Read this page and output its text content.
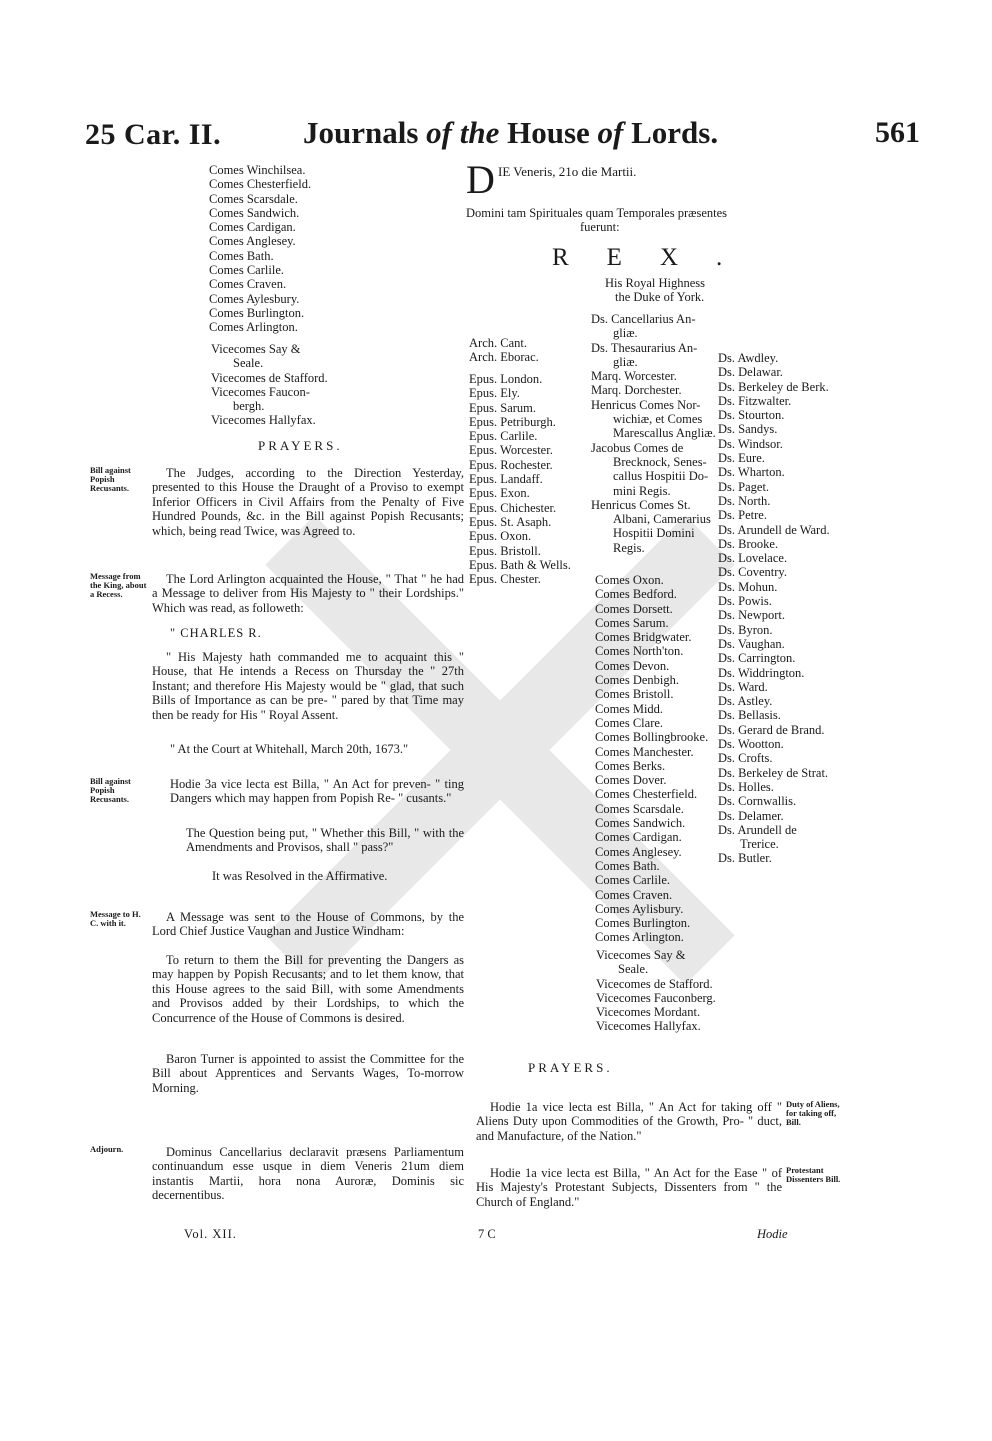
25 Car. II.	Journals of the House of Lords.	561
Comes Winchilsea.
Comes Chesterfield.
Comes Scarsdale.
Comes Sandwich.
Comes Cardigan.
Comes Anglesey.
Comes Bath.
Comes Carlile.
Comes Craven.
Comes Aylesbury.
Comes Burlington.
Comes Arlington.
Vicecomes Say &
Seale.
Vicecomes de Stafford.
Vicecomes Faucon-
bergh.
Vicecomes Hallyfax.
PRAYERS.
Bill against Popish Recusants.
Message from the King, about a Recess.
Bill against Popish Recusants.
Message to H. C. with it.
Adjourn.
The Judges, according to the Direction Yesterday, presented to this House the Draught of a Proviso to exempt Inferior Officers in Civil Affairs from the Penalty of Five Hundred Pounds, &c. in the Bill against Popish Recusants; which, being read Twice, was Agreed to.
The Lord Arlington acquainted the House, " That " he had a Message to deliver from His Majesty to " their Lordships." Which was read, as followeth:
" CHARLES R.
" His Majesty hath commanded me to acquaint this " House, that He intends a Recess on Thursday the " 27th Instant; and therefore His Majesty would be " glad, that such Bills of Importance as can be pre- " pared by that Time may then be ready for His " Royal Assent.
" At the Court at Whitehall, March 20th, 1673."
Hodie 3a vice lecta est Billa, " An Act for preven- " ting Dangers which may happen from Popish Re- " cusants."
The Question being put, " Whether this Bill, " with the Amendments and Provisos, shall " pass?"
It was Resolved in the Affirmative.
A Message was sent to the House of Commons, by the Lord Chief Justice Vaughan and Justice Windham:
To return to them the Bill for preventing the Dangers as may happen by Popish Recusants; and to let them know, that this House agrees to the said Bill, with some Amendments and Provisos added by their Lordships, to which the Concurrence of the House of Commons is desired.
Baron Turner is appointed to assist the Committee for the Bill about Apprentices and Servants Wages, To-morrow Morning.
Dominus Cancellarius declaravit præsens Parliamentum continuandum esse usque in diem Veneris 21um diem instantis Martii, hora nona Auroræ, Dominis sic decernentibus.
Vol. XII.	7 C	Hodie
D IE Veneris, 21o die Martii.
Domini tam Spirituales quam Temporales præsentes
fuerunt:
REX.
His Royal Highness
the Duke of York.
Ds. Cancellarius An-
gliæ.
Ds. Thesaurarius An-
gliæ.
Marq. Worcester.
Marq. Dorchester.
Henricus Comes Nor-
wichiæ, et Comes
Marescallus Angliæ.
Jacobus Comes de
Brecknock, Senes-
callus Hospitii Do-
mini Regis.
Henricus Comes St.
Albani, Camerarius
Hospitii Domini
Regis.
Arch. Cant.
Arch. Eborac.
Epus. London.
Epus. Ely.
Epus. Sarum.
Epus. Petriburgh.
Epus. Carlile.
Epus. Worcester.
Epus. Rochester.
Epus. Landaff.
Epus. Exon.
Epus. Chichester.
Epus. St. Asaph.
Epus. Oxon.
Epus. Bristoll.
Epus. Bath & Wells.
Epus. Chester.	Comes Oxon.
Comes Bedford.
Comes Dorsett.
Comes Sarum.
Comes Bridgwater.
Comes North'ton.
Comes Devon.
Comes Denbigh.
Comes Bristoll.
Comes Midd.
Comes Clare.
Comes Bollingbrooke.
Comes Manchester.
Comes Berks.
Comes Dover.
Comes Chesterfield.
Comes Scarsdale.
Comes Sandwich.
Comes Cardigan.
Comes Anglesey.
Comes Bath.
Comes Carlile.
Comes Craven.
Comes Aylisbury.
Comes Burlington.
Comes Arlington.
Vicecomes Say &
Seale.
Vicecomes de Stafford.
Vicecomes Fauconberg.
Vicecomes Mordant.
Vicecomes Hallyfax.
Ds. Awdley.
Ds. Delawar.
Ds. Berkeley de Berk.
Ds. Fitzwalter.
Ds. Stourton.
Ds. Sandys.
Ds. Windsor.
Ds. Eure.
Ds. Wharton.
Ds. Paget.
Ds. North.
Ds. Petre.
Ds. Arundell de Ward.
Ds. Brooke.
Ds. Lovelace.
Ds. Coventry.
Ds. Mohun.
Ds. Powis.
Ds. Newport.
Ds. Byron.
Ds. Vaughan.
Ds. Carrington.
Ds. Widdrington.
Ds. Ward.
Ds. Astley.
Ds. Bellasis.
Ds. Gerard de Brand.
Ds. Wootton.
Ds. Crofts.
Ds. Berkeley de Strat.
Ds. Holles.
Ds. Cornwallis.
Ds. Delamer.
Ds. Arundell de
Trerice.
Ds. Butler.
PRAYERS.
Hodie 1a vice lecta est Billa, " An Act for taking off " Aliens Duty upon Commodities of the Growth, Pro- " duct, and Manufacture, of the Nation."
Duty of Aliens, for taking off, Bill.
Hodie 1a vice lecta est Billa, " An Act for the Ease " of His Majesty's Protestant Subjects, Dissenters from " the Church of England."
Protestant Dissenters Bill.
